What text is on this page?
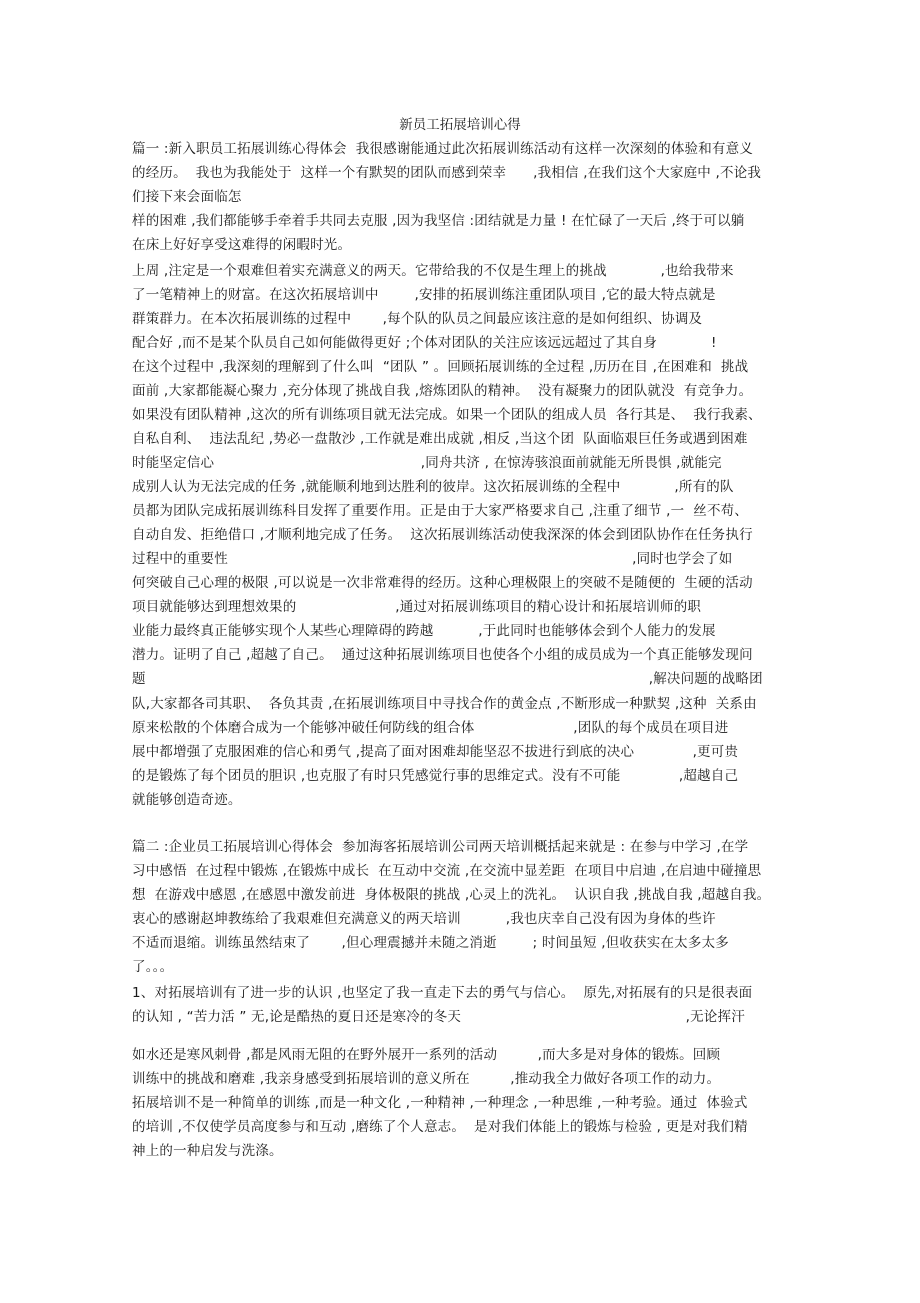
新员工拓展培训心得
篇一 :新入职员工拓展训练心得体会  我很感谢能通过此次拓展训练活动有这样一次深刻的体验和有意义
的经历。  我也为我能处于  这样一个有默契的团队而感到荣幸      ,我相信 ,在我们这个大家庭中 ,不论我
们接下来会面临怎
样的困难 ,我们都能够手牵着手共同去克服 ,因为我坚信 :团结就是力量 ! 在忙碌了一天后 ,终于可以躺
在床上好好享受这难得的闲暇时光。
上周 ,注定是一个艰难但着实充满意义的两天。它带给我的不仅是生理上的挑战            ,也给我带来
了一笔精神上的财富。在这次拓展培训中        ,安排的拓展训练注重团队项目 ,它的最大特点就是
群策群力。在本次拓展训练的过程中       ,每个队的队员之间最应该注意的是如何组织、协调及
配合好 ,而不是某个队员自己如何能做得更好 ;个体对团队的关注应该远远超过了其自身            !
在这个过程中 ,我深刻的理解到了什么叫  “团队 ” 。回顾拓展训练的全过程 ,历历在目 ,在困难和  挑战
面前 ,大家都能凝心聚力 ,充分体现了挑战自我 ,熔炼团队的精神。  没有凝聚力的团队就没  有竞争力。
如果没有团队精神 ,这次的所有训练项目就无法完成。如果一个团队的组成人员  各行其是、  我行我素、
自私自利、  违法乱纪 ,势必一盘散沙 ,工作就是难出成就 ,相反 ,当这个团  队面临艰巨任务或遇到困难
时能坚定信心                                              ,同舟共济 , 在惊涛骇浪面前就能无所畏惧 ,就能完
成别人认为无法完成的任务 ,就能顺利地到达胜利的彼岸。这次拓展训练的全程中            ,所有的队
员都为团队完成拓展训练科目发挥了重要作用。正是由于大家严格要求自己 ,注重了细节 ,一  丝不苟、
自动自发、拒绝借口 ,才顺利地完成了任务。  这次拓展训练活动使我深深的体会到团队协作在任务执行
过程中的重要性                                                                                          ,同时也学会了如
何突破自己心理的极限 ,可以说是一次非常难得的经历。这种心理极限上的突破不是随便的  生硬的活动
项目就能够达到理想效果的                      ,通过对拓展训练项目的精心设计和拓展培训师的职
业能力最终真正能够实现个人某些心理障碍的跨越          ,于此同时也能够体会到个人能力的发展
潜力。证明了自己 ,超越了自己。  通过这种拓展训练项目也使各个小组的成员成为一个真正能够发现问
题                                                                                                                ,解决问题的战略团
队,大家都各司其职、  各负其责 ,在拓展训练项目中寻找合作的黄金点 ,不断形成一种默契 ,这种  关系由
原来松散的个体磨合成为一个能够冲破任何防线的组合体                      ,团队的每个成员在项目进
展中都增强了克服困难的信心和勇气 ,提高了面对困难却能坚忍不拔进行到底的决心             ,更可贵
的是锻炼了每个团员的胆识 ,也克服了有时只凭感觉行事的思维定式。没有不可能             ,超越自己
就能够创造奇迹。
篇二 :企业员工拓展培训心得体会  参加海客拓展培训公司两天培训概括起来就是 : 在参与中学习 ,在学
习中感悟  在过程中锻炼 ,在锻炼中成长  在互动中交流 ,在交流中显差距  在项目中启迪 ,在启迪中碰撞思
想  在游戏中感恩 ,在感恩中激发前进  身体极限的挑战 ,心灵上的洗礼。  认识自我 ,挑战自我 ,超越自我。
衷心的感谢赵坤教练给了我艰难但充满意义的两天培训          ,我也庆幸自己没有因为身体的些许
不适而退缩。训练虽然结束了       ,但心理震撼并未随之消逝        ; 时间虽短 ,但收获实在太多太多
了。。。
1、对拓展培训有了进一步的认识 ,也坚定了我一直走下去的勇气与信心。  原先,对拓展有的只是很表面
的认知 , “苦力活 ” 无,论是酷热的夏日还是寒冷的冬天                                                  ,无论挥汗
如水还是寒风刺骨 ,都是风雨无阻的在野外展开一系列的活动         ,而大多是对身体的锻炼。回顾
训练中的挑战和磨难 ,我亲身感受到拓展培训的意义所在         ,推动我全力做好各项工作的动力。
拓展培训不是一种简单的训练 ,而是一种文化 ,一种精神 ,一种理念 ,一种思维 ,一种考验。通过  体验式
的培训 ,不仅使学员高度参与和互动 ,磨练了个人意志。  是对我们体能上的锻炼与检验 , 更是对我们精
神上的一种启发与洗涤。
